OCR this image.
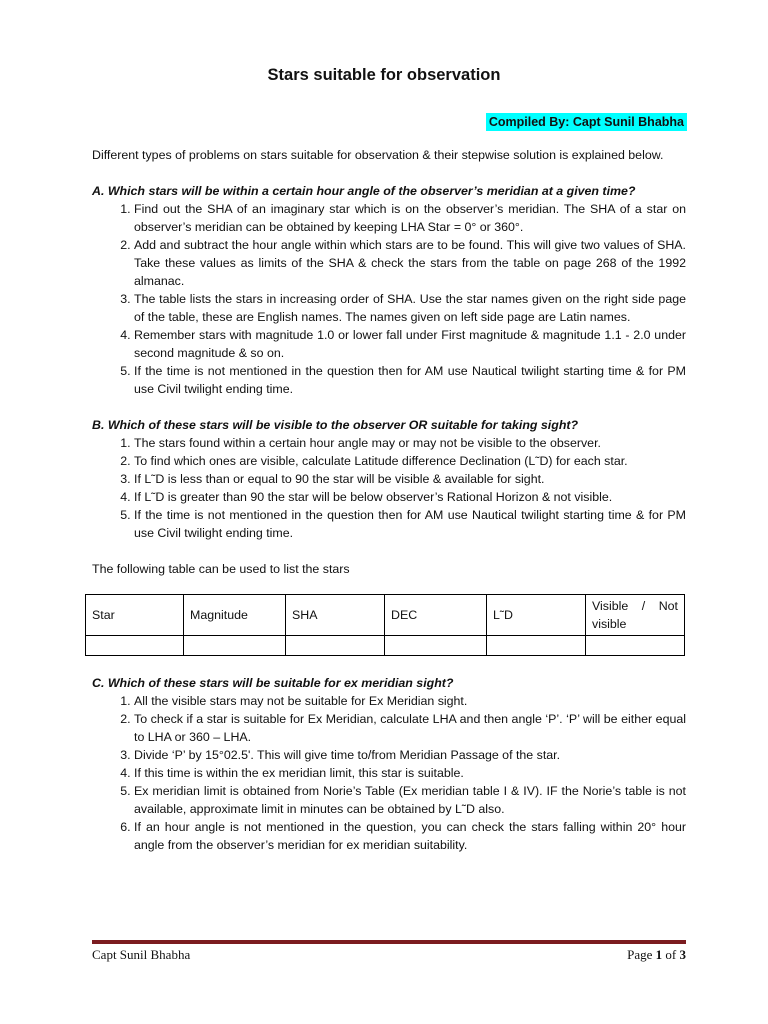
Stars suitable for observation
Compiled By: Capt Sunil Bhabha

Different types of problems on stars suitable for observation & their stepwise solution is explained below.

A. Which stars will be within a certain hour angle of the observer’s meridian at a given time?

1. Find out the SHA of an imaginary star which is on the observer’s meridian. The SHA of a star on observer’s meridian can be obtained by keeping LHA Star = 0° or 360°.
2. Add and subtract the hour angle within which stars are to be found. This will give two values of SHA. Take these values as limits of the SHA & check the stars from the table on page 268 of the 1992 almanac.
3. The table lists the stars in increasing order of SHA. Use the star names given on the right side page of the table, these are English names. The names given on left side page are Latin names.
4. Remember stars with magnitude 1.0 or lower fall under First magnitude & magnitude 1.1 - 2.0 under second magnitude & so on.
5. If the time is not mentioned in the question then for AM use Nautical twilight starting time & for PM use Civil twilight ending time.

B. Which of these stars will be visible to the observer OR suitable for taking sight?

1. The stars found within a certain hour angle may or may not be visible to the observer.
2. To find which ones are visible, calculate Latitude difference Declination (L˜D) for each star.
3. If L˜D is less than or equal to 90 the star will be visible & available for sight.
4. If L˜D is greater than 90 the star will be below observer’s Rational Horizon & not visible.
5. If the time is not mentioned in the question then for AM use Nautical twilight starting time & for PM use Civil twilight ending time.

The following table can be used to list the stars

Star	Magnitude	SHA	DEC	L˜D	Visible / Not
visible

C. Which of these stars will be suitable for ex meridian sight?

1. All the visible stars may not be suitable for Ex Meridian sight.
2. To check if a star is suitable for Ex Meridian, calculate LHA and then angle ‘P’. ‘P’ will be either equal to LHA or 360 – LHA.
3. Divide ‘P’ by 15°02.5'. This will give time to/from Meridian Passage of the star.
4. If this time is within the ex meridian limit, this star is suitable.
5. Ex meridian limit is obtained from Norie’s Table (Ex meridian table I & IV). IF the Norie’s table is not available, approximate limit in minutes can be obtained by L˜D also.
6. If an hour angle is not mentioned in the question, you can check the stars falling within 20° hour angle from the observer’s meridian for ex meridian suitability.
Capt Sunil Bhabha	Page 1 of 3
